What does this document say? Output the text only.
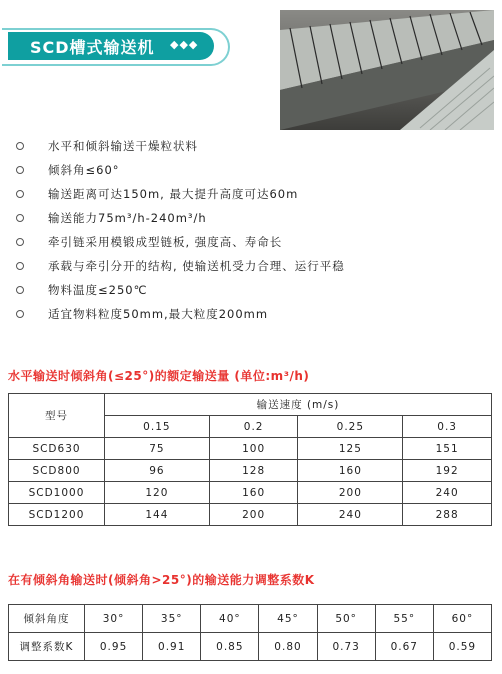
SCD槽式输送机 ◆◆◆
水平和倾斜输送干燥粒状料
倾斜角≤60°
输送距离可达150m, 最大提升高度可达60m
输送能力75m³/h-240m³/h
牵引链采用模锻成型链板, 强度高、寿命长
承载与牵引分开的结构, 使输送机受力合理、运行平稳
物料温度≤250℃
适宜物料粒度50mm,最大粒度200mm
水平输送时倾斜角(≤25°)的额定输送量 (单位:m³/h)
型号	输送速度 (m/s)			
	0.15	0.2	0.25	0.3
SCD630	75	100	125	151
SCD800	96	128	160	192
SCD1000	120	160	200	240
SCD1200	144	200	240	288
在有倾斜角输送时(倾斜角>25°)的输送能力调整系数K
倾斜角度	30°	35°	40°	45°	50°	55°	60°
调整系数K	0.95	0.91	0.85	0.80	0.73	0.67	0.59
